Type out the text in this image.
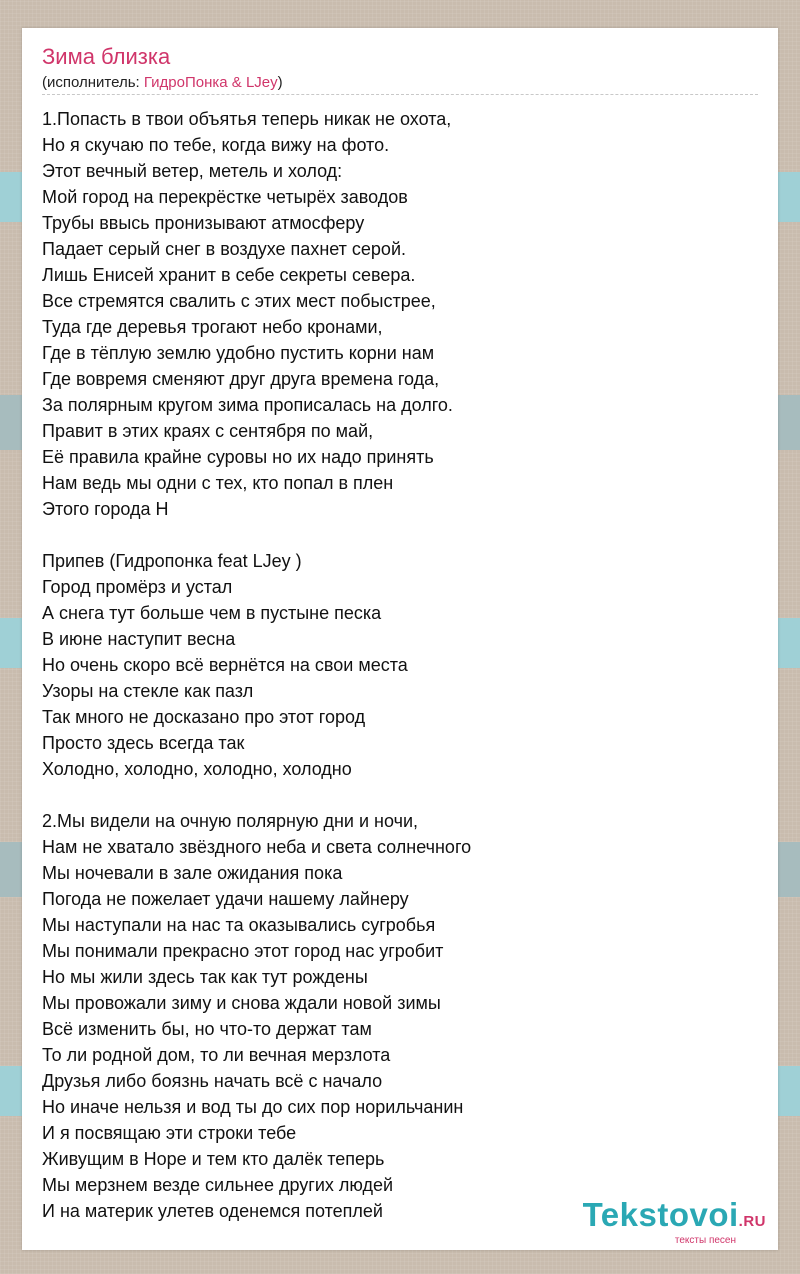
Зима близка
(исполнитель: ГидроПонка & LJey)
1.Попасть в твои объятья теперь никак не охота,
Но я скучаю по тебе, когда вижу на фото.
Этот вечный ветер, метель и холод:
Мой город на перекрёстке четырёх заводов
Трубы ввысь пронизывают атмосферу
Падает серый снег в воздухе пахнет серой.
Лишь Енисей хранит в себе секреты севера.
Все стремятся свалить с этих мест побыстрее,
Туда где деревья трогают небо кронами,
Где в тёплую землю удобно пустить корни нам
Где вовремя сменяют друг друга времена года,
За полярным кругом зима прописалась на долго.
Правит в этих краях с сентября по май,
Её правила крайне суровы но их надо принять
Нам ведь мы одни с тех, кто попал в плен
Этого города Н
Припев (Гидропонка feat LJey )
Город промёрз и устал
А снега тут больше чем в пустыне песка
В июне наступит весна
Но очень скоро всё вернётся на свои места
Узоры на стекле как пазл
Так много не досказано про этот город
Просто здесь всегда так
Холодно, холодно, холодно, холодно
2.Мы видели на очную полярную дни и ночи,
Нам не хватало звёздного неба и света солнечного
Мы ночевали в зале ожидания пока
Погода не пожелает удачи нашему лайнеру
Мы наступали на нас та оказывались сугробья
Мы понимали прекрасно этот город нас угробит
Но мы жили здесь так как тут рождены
Мы провожали зиму и снова ждали новой зимы
Всё изменить бы, но что-то держат там
То ли родной дом, то ли вечная мерзлота
Друзья либо боязнь начать всё с начало
Но иначе нельзя и вод ты до сих пор норильчанин
И я посвящаю эти строки тебе
Живущим в Норе и тем кто далёк теперь
Мы мерзнем везде сильнее других людей
И на материк улетев оденемся потеплей	Tekstovoi.RU
тексты песен
